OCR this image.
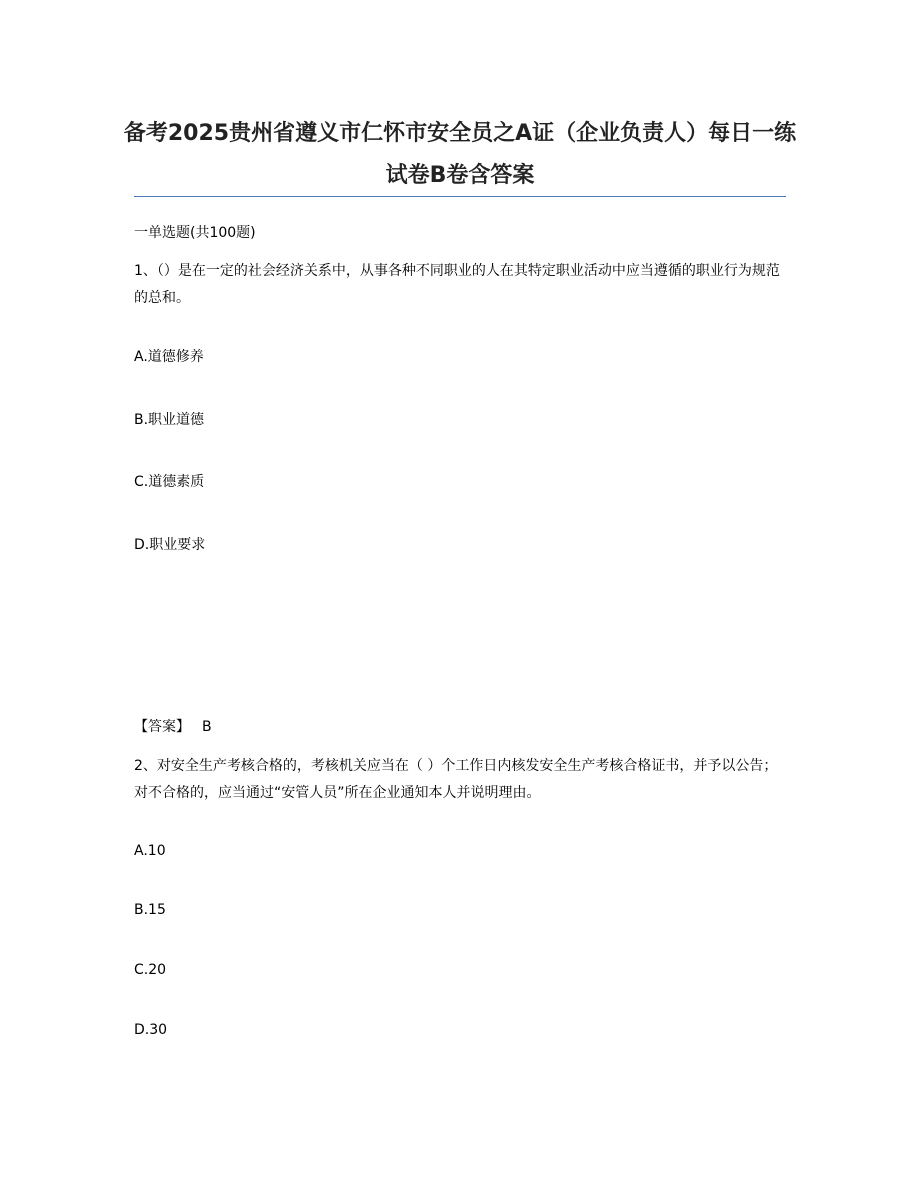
备考2025贵州省遵义市仁怀市安全员之A证（企业负责人）每日一练试卷B卷含答案
一单选题(共100题)

1、（）是在一定的社会经济关系中，从事各种不同职业的人在其特定职业活动中应当遵循的职业行为规范的总和。

A.道德修养
B.职业道德
C.道德素质
D.职业要求
【答案】 B

2、对安全生产考核合格的，考核机关应当在（ ）个工作日内核发安全生产考核合格证书，并予以公告；对不合格的，应当通过“安管人员”所在企业通知本人并说明理由。

A.10
B.15
C.20
D.30
